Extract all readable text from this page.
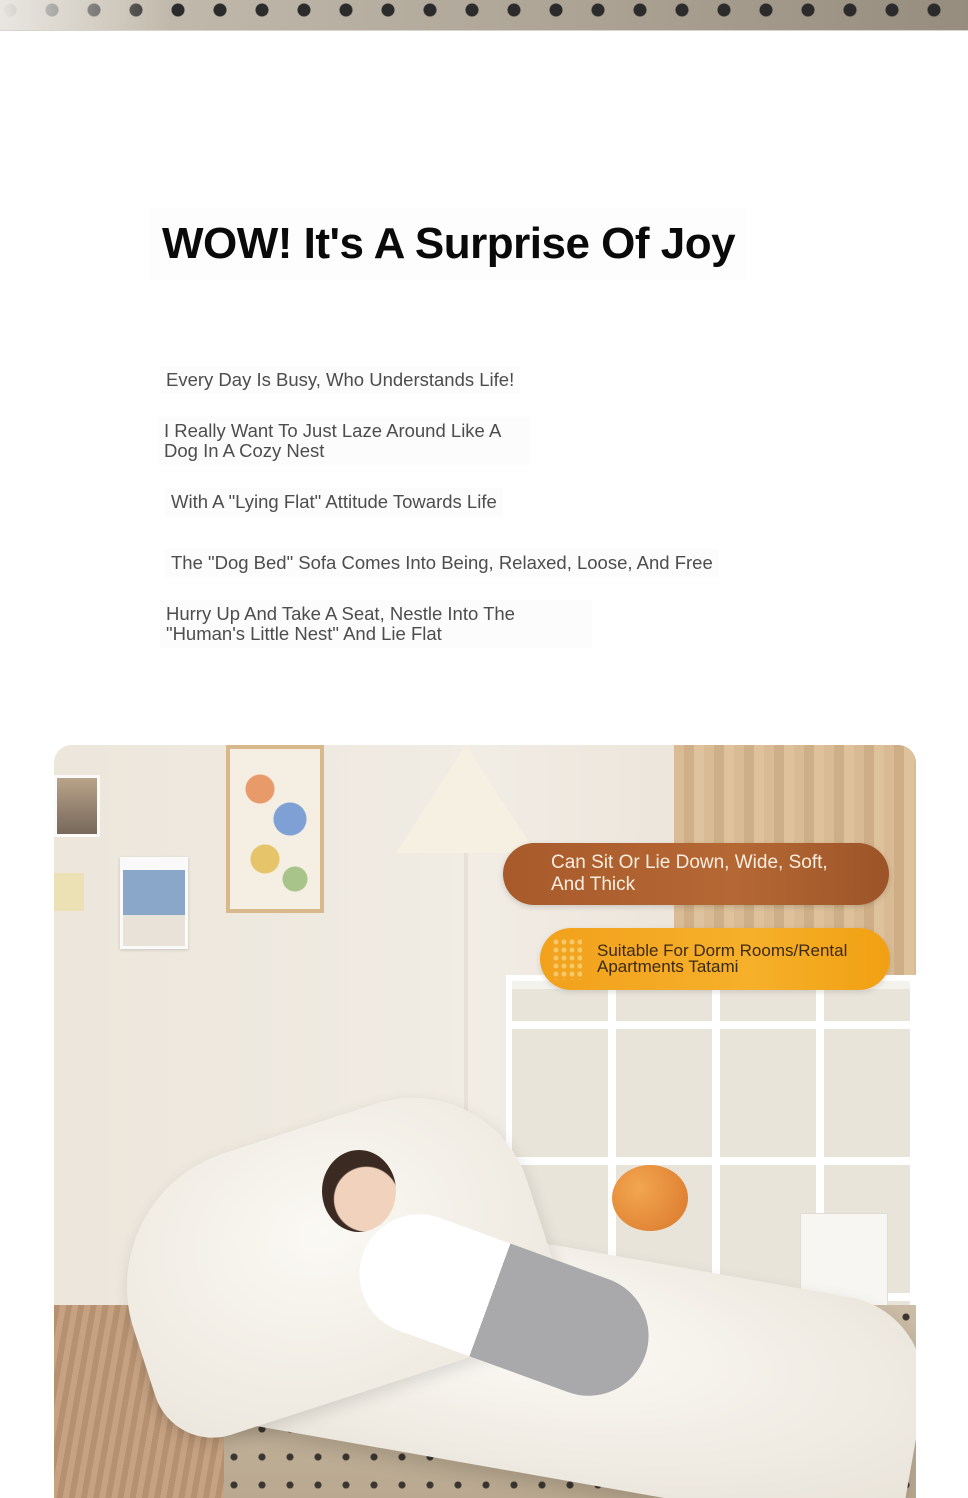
WOW! It's A Surprise Of Joy
Every Day Is Busy, Who Understands Life!
I Really Want To Just Laze Around Like A Dog In A Cozy Nest
With A "Lying Flat" Attitude Towards Life
The "Dog Bed" Sofa Comes Into Being, Relaxed, Loose, And Free
Hurry Up And Take A Seat, Nestle Into The "Human's Little Nest" And Lie Flat
Can Sit Or Lie Down, Wide, Soft, And Thick
Suitable For Dorm Rooms/Rental Apartments Tatami
